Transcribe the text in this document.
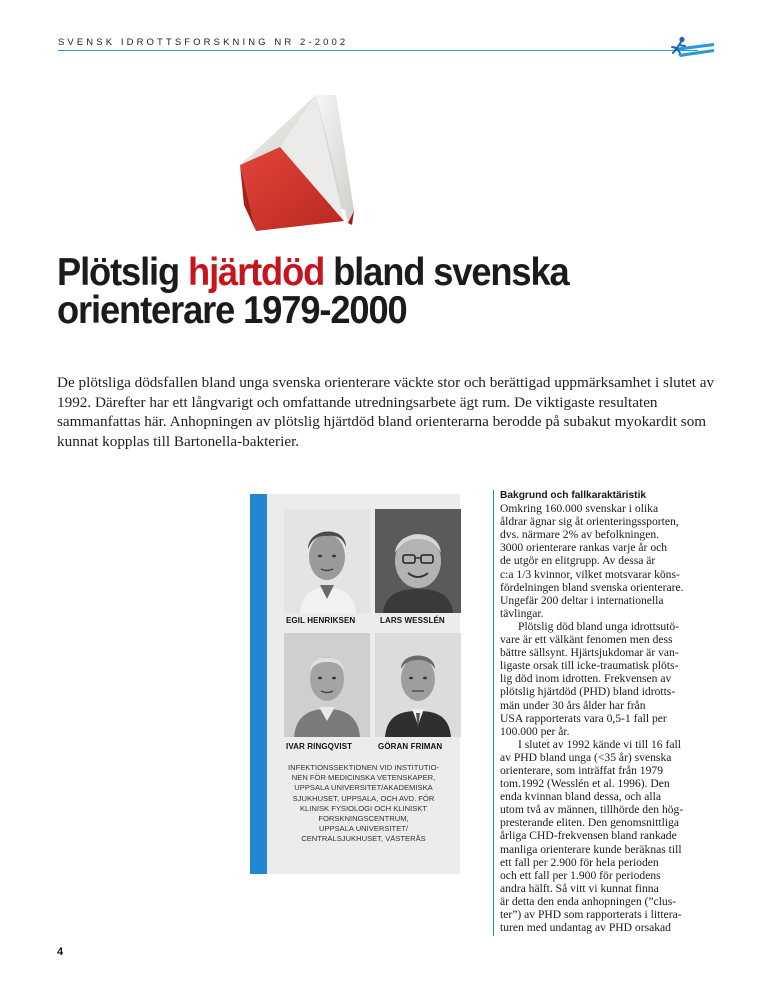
SVENSK IDROTTSFORSKNING NR 2-2002
Plötslig hjärtdöd bland svenska
orienterare 1979-2000

De plötsliga dödsfallen bland unga svenska orienterare väckte stor och berättigad uppmärksamhet i slutet av 1992. Därefter har ett långvarigt och omfattande utredningsarbete ägt rum. De viktigaste resultaten sammanfattas här. Anhopningen av plötslig hjärtdöd bland orienterarna berodde på subakut myokardit som kunnat kopplas till Bartonella-bakterier.

EGIL HENRIKSEN	LARS WESSLÉN
IVAR RINGQVIST	GÖRAN FRIMAN
INFEKTIONSSEKTIONEN VID INSTITUTIO-
NEN FÖR MEDICINSKA VETENSKAPER,
UPPSALA UNIVERSITET/AKADEMISKA
SJUKHUSET, UPPSALA, OCH AVD. FÖR
KLINISK FYSIOLOGI OCH KLINISKT
FORSKNINGSCENTRUM,
UPPSALA UNIVERSITET/
CENTRALSJUKHUSET, VÄSTERÅS
Bakgrund och fallkaraktäristik
Omkring 160.000 svenskar i olika
åldrar ägnar sig åt orienteringssporten,
dvs. närmare 2% av befolkningen.
3000 orienterare rankas varje år och
de utgör en elitgrupp. Av dessa är
c:a 1/3 kvinnor, vilket motsvarar köns-
fördelningen bland svenska orienterare.
Ungefär 200 deltar i internationella
tävlingar.
Plötslig död bland unga idrottsutö-
vare är ett välkänt fenomen men dess
bättre sällsynt. Hjärtsjukdomar är van-
ligaste orsak till icke-traumatisk plöts-
lig död inom idrotten. Frekvensen av
plötslig hjärtdöd (PHD) bland idrotts-
män under 30 års ålder har från
USA rapporterats vara 0,5-1 fall per
100.000 per år.
I slutet av 1992 kände vi till 16 fall
av PHD bland unga (<35 år) svenska
orienterare, som inträffat från 1979
tom.1992 (Wesslén et al. 1996). Den
enda kvinnan bland dessa, och alla
utom två av männen, tillhörde den hög-
presterande eliten. Den genomsnittliga
årliga CHD-frekvensen bland rankade
manliga orienterare kunde beräknas till
ett fall per 2.900 för hela perioden
och ett fall per 1.900 för periodens
andra hälft. Så vitt vi kunnat finna
är detta den enda anhopningen (”clus-
ter”) av PHD som rapporterats i littera-
turen med undantag av PHD orsakad
4
